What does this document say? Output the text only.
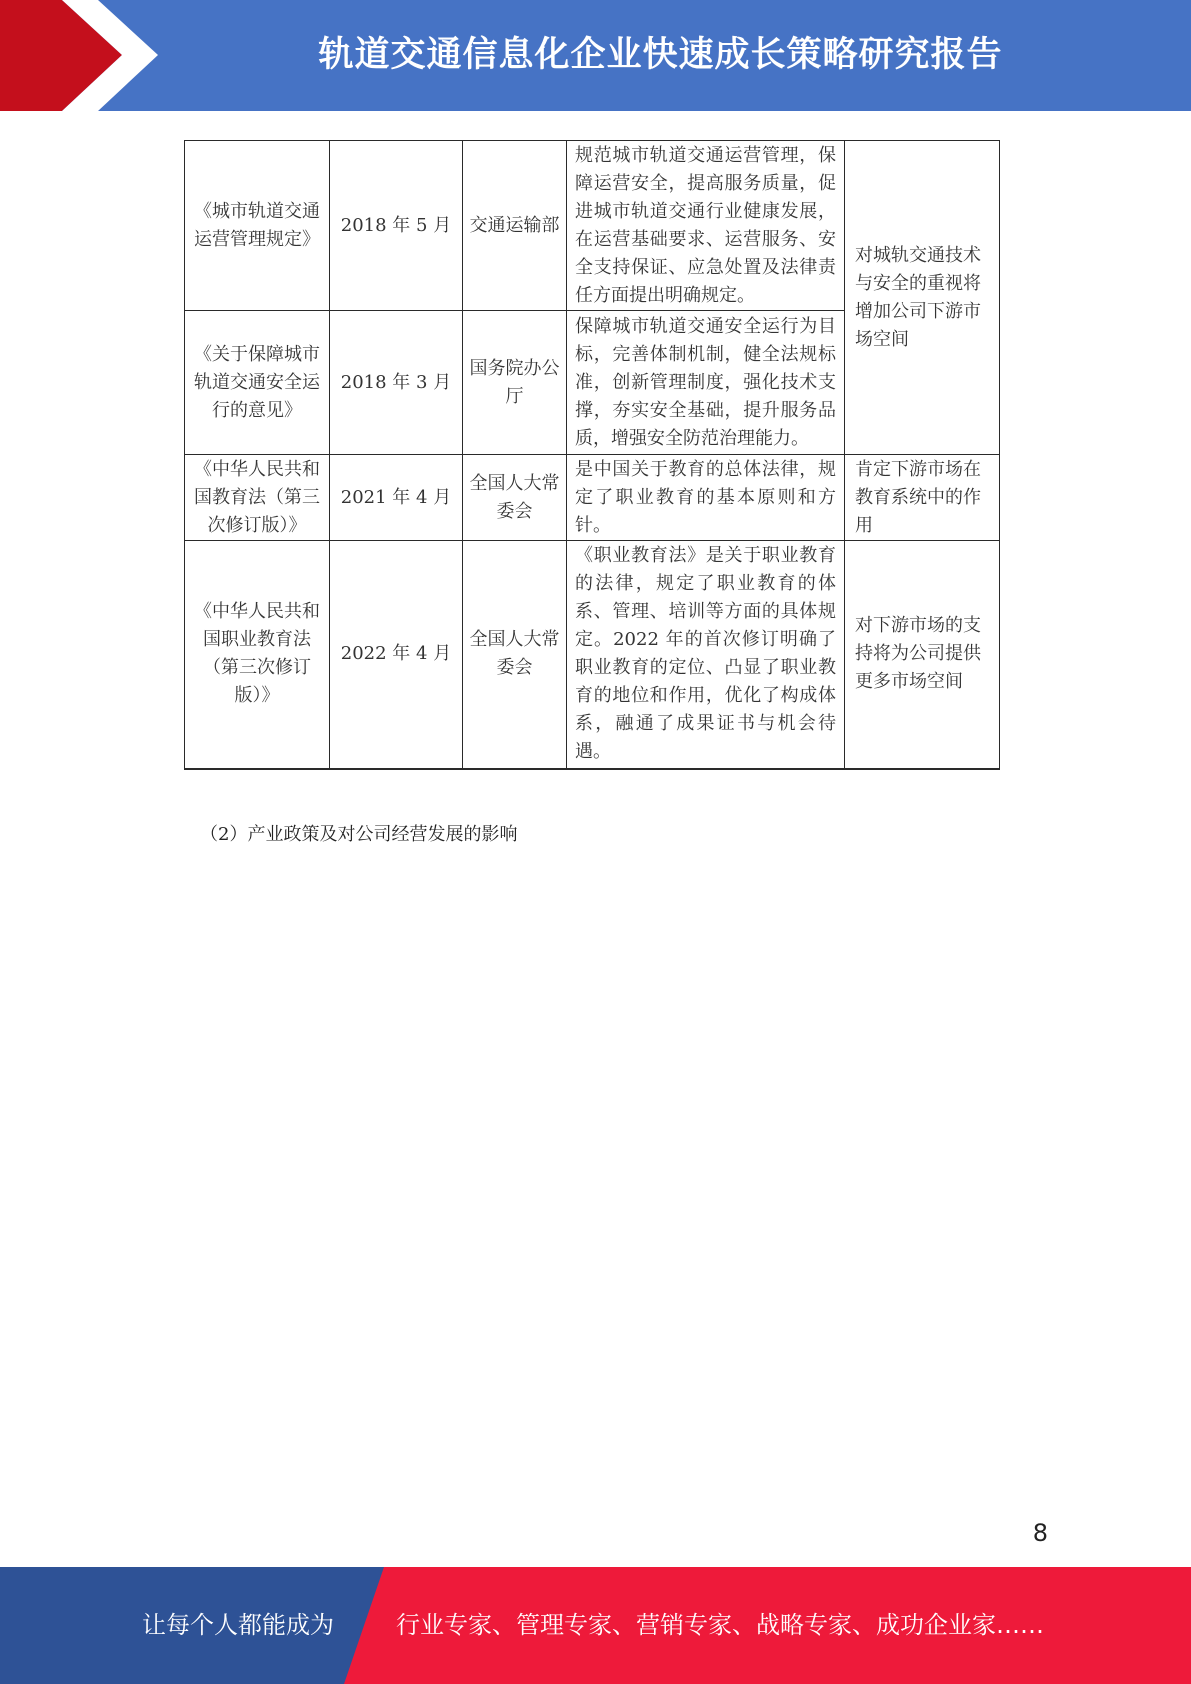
轨道交通信息化企业快速成长策略研究报告
《城市轨道交通运营管理规定》	2018 年 5 月	交通运输部	规范城市轨道交通运营管理，保障运营安全，提高服务质量，促进城市轨道交通行业健康发展，在运营基础要求、运营服务、安全支持保证、应急处置及法律责任方面提出明确规定。	对城轨交通技术与安全的重视将增加公司下游市场空间
《关于保障城市轨道交通安全运行的意见》	2018 年 3 月	国务院办公厅	保障城市轨道交通安全运行为目标，完善体制机制，健全法规标准，创新管理制度，强化技术支撑，夯实安全基础，提升服务品质，增强安全防范治理能力。	
《中华人民共和国教育法（第三次修订版）》	2021 年 4 月	全国人大常委会	是中国关于教育的总体法律，规定了职业教育的基本原则和方针。	肯定下游市场在教育系统中的作用
《中华人民共和国职业教育法（第三次修订版）》	2022 年 4 月	全国人大常委会	《职业教育法》是关于职业教育的法律，规定了职业教育的体系、管理、培训等方面的具体规定。2022 年的首次修订明确了职业教育的定位、凸显了职业教育的地位和作用，优化了构成体系，融通了成果证书与机会待遇。	对下游市场的支持将为公司提供更多市场空间
（2）产业政策及对公司经营发展的影响
8
让每个人都能成为	行业专家、管理专家、营销专家、战略专家、成功企业家……
